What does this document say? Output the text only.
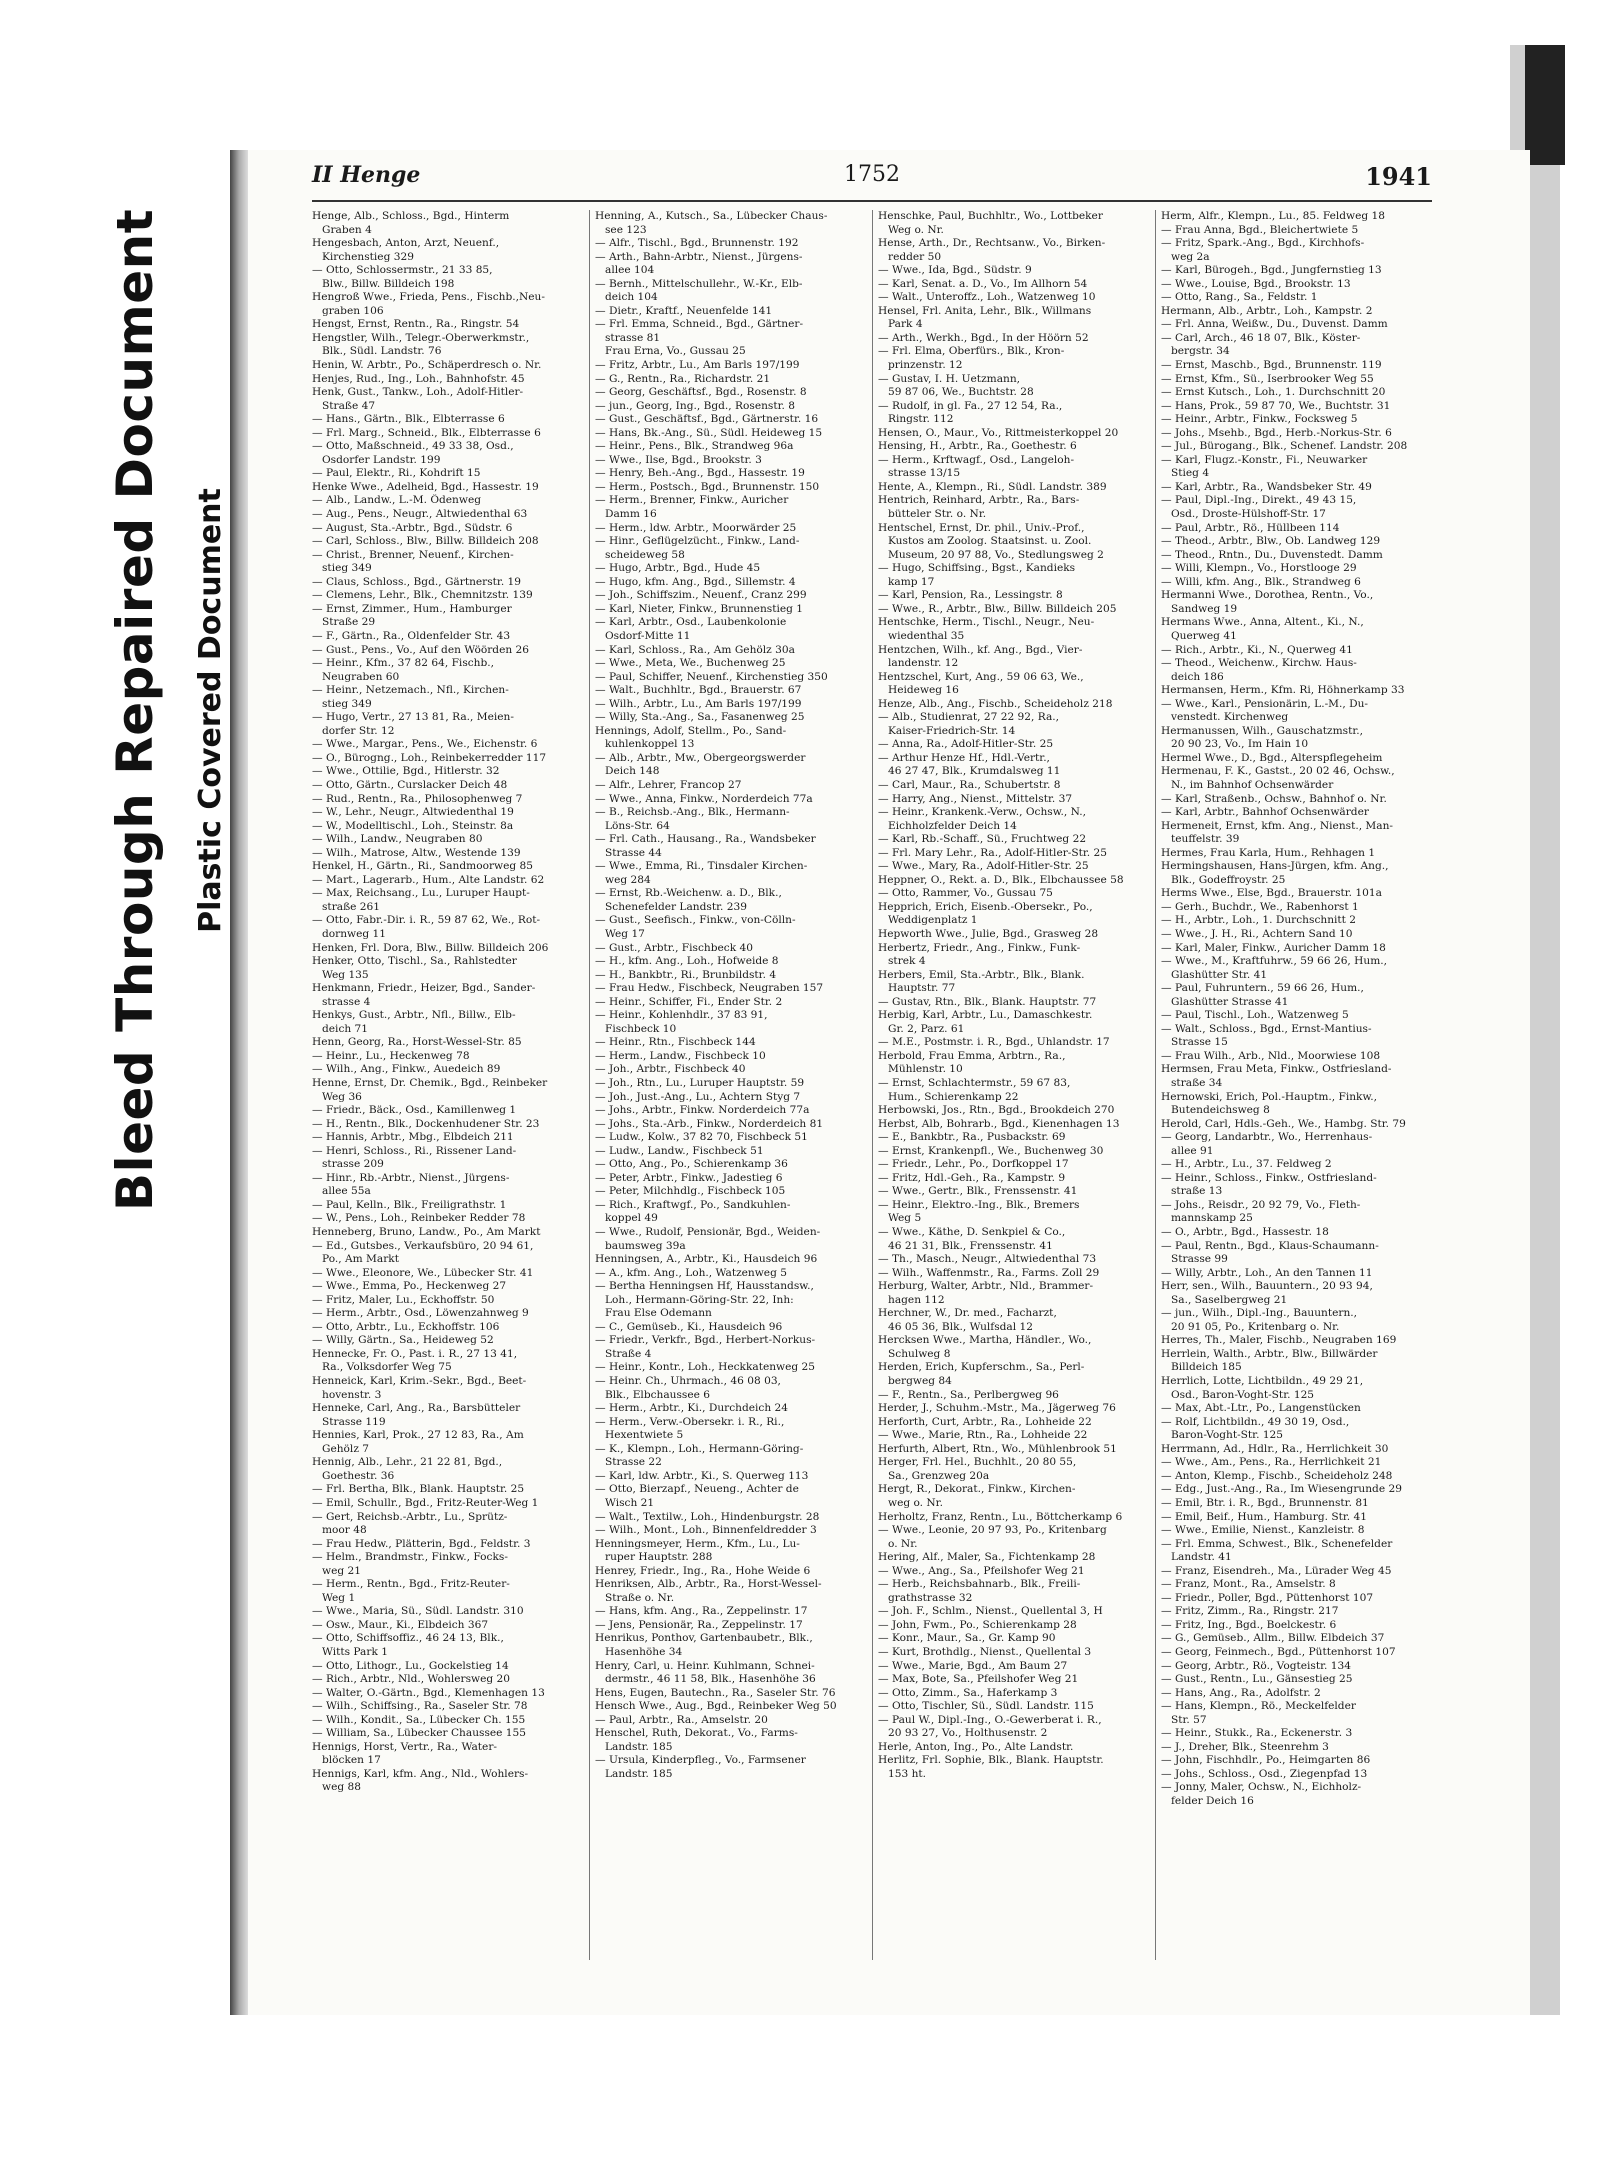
Bleed Through Repaired Document Plastic Covered Document
II Henge	1752	1941
Henge, Alb., Schloss., Bgd., Hinterm
Graben 4
Hengesbach, Anton, Arzt, Neuenf.,
Kirchenstieg 329
— Otto, Schlossermstr., 21 33 85,
Blw., Billw. Billdeich 198
Hengroß Wwe., Frieda, Pens., Fischb.,Neu-
graben 106
Hengst, Ernst, Rentn., Ra., Ringstr. 54
Hengstler, Wilh., Telegr.-Oberwerkmstr.,
Blk., Südl. Landstr. 76
Henin, W. Arbtr., Po., Schäperdresch o. Nr.
Henjes, Rud., Ing., Loh., Bahnhofstr. 45
Henk, Gust., Tankw., Loh., Adolf-Hitler-
Straße 47
— Hans., Gärtn., Blk., Elbterrasse 6
— Frl. Marg., Schneid., Blk., Elbterrasse 6
— Otto, Maßschneid., 49 33 38, Osd.,
Osdorfer Landstr. 199
— Paul, Elektr., Ri., Kohdrift 15
Henke Wwe., Adelheid, Bgd., Hassestr. 19
— Alb., Landw., L.-M. Ödenweg
— Aug., Pens., Neugr., Altwiedenthal 63
— August, Sta.-Arbtr., Bgd., Südstr. 6
— Carl, Schloss., Blw., Billw. Billdeich 208
— Christ., Brenner, Neuenf., Kirchen-
stieg 349
— Claus, Schloss., Bgd., Gärtnerstr. 19
— Clemens, Lehr., Blk., Chemnitzstr. 139
— Ernst, Zimmer., Hum., Hamburger
Straße 29
— F., Gärtn., Ra., Oldenfelder Str. 43
— Gust., Pens., Vo., Auf den Wöörden 26
— Heinr., Kfm., 37 82 64, Fischb.,
Neugraben 60
— Heinr., Netzemach., Nfl., Kirchen-
stieg 349
— Hugo, Vertr., 27 13 81, Ra., Meien-
dorfer Str. 12
— Wwe., Margar., Pens., We., Eichenstr. 6
— O., Bürogng., Loh., Reinbekerredder 117
— Wwe., Ottilie, Bgd., Hitlerstr. 32
— Otto, Gärtn., Curslacker Deich 48
— Rud., Rentn., Ra., Philosophenweg 7
— W., Lehr., Neugr., Altwiedenthal 19
— W., Modelltischl., Loh., Steinstr. 8a
— Wilh., Landw., Neugraben 80
— Wilh., Matrose, Altw., Westende 139
Henkel, H., Gärtn., Ri., Sandmoorweg 85
— Mart., Lagerarb., Hum., Alte Landstr. 62
— Max, Reichsang., Lu., Luruper Haupt-
straße 261
— Otto, Fabr.-Dir. i. R., 59 87 62, We., Rot-
dornweg 11
Henken, Frl. Dora, Blw., Billw. Billdeich 206
Henker, Otto, Tischl., Sa., Rahlstedter
Weg 135
Henkmann, Friedr., Heizer, Bgd., Sander-
strasse 4
Henkys, Gust., Arbtr., Nfl., Billw., Elb-
deich 71
Henn, Georg, Ra., Horst-Wessel-Str. 85
— Heinr., Lu., Heckenweg 78
— Wilh., Ang., Finkw., Auedeich 89
Henne, Ernst, Dr. Chemik., Bgd., Reinbeker
Weg 36
— Friedr., Bäck., Osd., Kamillenweg 1
— H., Rentn., Blk., Dockenhudener Str. 23
— Hannis, Arbtr., Mbg., Elbdeich 211
— Henri, Schloss., Ri., Rissener Land-
strasse 209
— Hinr., Rb.-Arbtr., Nienst., Jürgens-
allee 55a
— Paul, Kelln., Blk., Freiligrathstr. 1
— W., Pens., Loh., Reinbeker Redder 78
Henneberg, Bruno, Landw., Po., Am Markt
— Ed., Gutsbes., Verkaufsbüro, 20 94 61,
Po., Am Markt
— Wwe., Eleonore, We., Lübecker Str. 41
— Wwe., Emma, Po., Heckenweg 27
— Fritz, Maler, Lu., Eckhoffstr. 50
— Herm., Arbtr., Osd., Löwenzahnweg 9
— Otto, Arbtr., Lu., Eckhoffstr. 106
— Willy, Gärtn., Sa., Heideweg 52
Hennecke, Fr. O., Past. i. R., 27 13 41,
Ra., Volksdorfer Weg 75
Henneick, Karl, Krim.-Sekr., Bgd., Beet-
hovenstr. 3
Henneke, Carl, Ang., Ra., Barsbütteler
Strasse 119
Hennies, Karl, Prok., 27 12 83, Ra., Am
Gehölz 7
Hennig, Alb., Lehr., 21 22 81, Bgd.,
Goethestr. 36
— Frl. Bertha, Blk., Blank. Hauptstr. 25
— Emil, Schullr., Bgd., Fritz-Reuter-Weg 1
— Gert, Reichsb.-Arbtr., Lu., Sprütz-
moor 48
— Frau Hedw., Plätterin, Bgd., Feldstr. 3
— Helm., Brandmstr., Finkw., Focks-
weg 21
— Herm., Rentn., Bgd., Fritz-Reuter-
Weg 1
— Wwe., Maria, Sü., Südl. Landstr. 310
— Osw., Maur., Ki., Elbdeich 367
— Otto, Schiffsoffiz., 46 24 13, Blk.,
Witts Park 1
— Otto, Lithogr., Lu., Gockelstieg 14
— Rich., Arbtr., Nld., Wohlersweg 20
— Walter, O.-Gärtn., Bgd., Klemenhagen 13
— Wilh., Schiffsing., Ra., Saseler Str. 78
— Wilh., Kondit., Sa., Lübecker Ch. 155
— William, Sa., Lübecker Chaussee 155
Hennigs, Horst, Vertr., Ra., Water-
blöcken 17
Hennigs, Karl, kfm. Ang., Nld., Wohlers-
weg 88
Henning, A., Kutsch., Sa., Lübecker Chaus-
see 123
— Alfr., Tischl., Bgd., Brunnenstr. 192
— Arth., Bahn-Arbtr., Nienst., Jürgens-
allee 104
— Bernh., Mittelschullehr., W.-Kr., Elb-
deich 104
— Dietr., Kraftf., Neuenfelde 141
— Frl. Emma, Schneid., Bgd., Gärtner-
strasse 81
Frau Erna, Vo., Gussau 25
— Fritz, Arbtr., Lu., Am Barls 197/199
— G., Rentn., Ra., Richardstr. 21
— Georg, Geschäftsf., Bgd., Rosenstr. 8
— jun., Georg, Ing., Bgd., Rosenstr. 8
— Gust., Geschäftsf., Bgd., Gärtnerstr. 16
— Hans, Bk.-Ang., Sü., Südl. Heideweg 15
— Heinr., Pens., Blk., Strandweg 96a
— Wwe., Ilse, Bgd., Brookstr. 3
— Henry, Beh.-Ang., Bgd., Hassestr. 19
— Herm., Postsch., Bgd., Brunnenstr. 150
— Herm., Brenner, Finkw., Auricher
Damm 16
— Herm., ldw. Arbtr., Moorwärder 25
— Hinr., Geflügelzücht., Finkw., Land-
scheideweg 58
— Hugo, Arbtr., Bgd., Hude 45
— Hugo, kfm. Ang., Bgd., Sillemstr. 4
— Joh., Schiffszim., Neuenf., Cranz 299
— Karl, Nieter, Finkw., Brunnenstieg 1
— Karl, Arbtr., Osd., Laubenkolonie
Osdorf-Mitte 11
— Karl, Schloss., Ra., Am Gehölz 30a
— Wwe., Meta, We., Buchenweg 25
— Paul, Schiffer, Neuenf., Kirchenstieg 350
— Walt., Buchhltr., Bgd., Brauerstr. 67
— Wilh., Arbtr., Lu., Am Barls 197/199
— Willy, Sta.-Ang., Sa., Fasanenweg 25
Hennings, Adolf, Stellm., Po., Sand-
kuhlenkoppel 13
— Alb., Arbtr., Mw., Obergeorgswerder
Deich 148
— Alfr., Lehrer, Francop 27
— Wwe., Anna, Finkw., Norderdeich 77a
— B., Reichsb.-Ang., Blk., Hermann-
Löns-Str. 64
— Frl. Cath., Hausang., Ra., Wandsbeker
Strasse 44
— Wwe., Emma, Ri., Tinsdaler Kirchen-
weg 284
— Ernst, Rb.-Weichenw. a. D., Blk.,
Schenefelder Landstr. 239
— Gust., Seefisch., Finkw., von-Cölln-
Weg 17
— Gust., Arbtr., Fischbeck 40
— H., kfm. Ang., Loh., Hofweide 8
— H., Bankbtr., Ri., Brunbildstr. 4
— Frau Hedw., Fischbeck, Neugraben 157
— Heinr., Schiffer, Fi., Ender Str. 2
— Heinr., Kohlenhdlr., 37 83 91,
Fischbeck 10
— Heinr., Rtn., Fischbeck 144
— Herm., Landw., Fischbeck 10
— Joh., Arbtr., Fischbeck 40
— Joh., Rtn., Lu., Luruper Hauptstr. 59
— Joh., Just.-Ang., Lu., Achtern Styg 7
— Johs., Arbtr., Finkw. Norderdeich 77a
— Johs., Sta.-Arb., Finkw., Norderdeich 81
— Ludw., Kolw., 37 82 70, Fischbeck 51
— Ludw., Landw., Fischbeck 51
— Otto, Ang., Po., Schierenkamp 36
— Peter, Arbtr., Finkw., Jadestieg 6
— Peter, Milchhdlg., Fischbeck 105
— Rich., Kraftwgf., Po., Sandkuhlen-
koppel 49
— Wwe., Rudolf, Pensionär, Bgd., Weiden-
baumsweg 39a
Henningsen, A., Arbtr., Ki., Hausdeich 96
— A., kfm. Ang., Loh., Watzenweg 5
— Bertha Henningsen Hf, Hausstandsw.,
Loh., Hermann-Göring-Str. 22, Inh:
Frau Else Odemann
— C., Gemüseb., Ki., Hausdeich 96
— Friedr., Verkfr., Bgd., Herbert-Norkus-
Straße 4
— Heinr., Kontr., Loh., Heckkatenweg 25
— Heinr. Ch., Uhrmach., 46 08 03,
Blk., Elbchaussee 6
— Herm., Arbtr., Ki., Durchdeich 24
— Herm., Verw.-Obersekr. i. R., Ri.,
Hexentwiete 5
— K., Klempn., Loh., Hermann-Göring-
Strasse 22
— Karl, ldw. Arbtr., Ki., S. Querweg 113
— Otto, Bierzapf., Neueng., Achter de
Wisch 21
— Walt., Textilw., Loh., Hindenburgstr. 28
— Wilh., Mont., Loh., Binnenfeldredder 3
Henningsmeyer, Herm., Kfm., Lu., Lu-
ruper Hauptstr. 288
Henrey, Friedr., Ing., Ra., Hohe Weide 6
Henriksen, Alb., Arbtr., Ra., Horst-Wessel-
Straße o. Nr.
— Hans, kfm. Ang., Ra., Zeppelinstr. 17
— Jens, Pensionär, Ra., Zeppelinstr. 17
Henrikus, Ponthov, Gartenbaubetr., Blk.,
Hasenhöhe 34
Henry, Carl, u. Heinr. Kuhlmann, Schnei-
dermstr., 46 11 58, Blk., Hasenhöhe 36
Hens, Eugen, Bautechn., Ra., Saseler Str. 76
Hensch Wwe., Aug., Bgd., Reinbeker Weg 50
— Paul, Arbtr., Ra., Amselstr. 20
Henschel, Ruth, Dekorat., Vo., Farms-
Landstr. 185
— Ursula, Kinderpfleg., Vo., Farmsener
Landstr. 185
Henschke, Paul, Buchhltr., Wo., Lottbeker
Weg o. Nr.
Hense, Arth., Dr., Rechtsanw., Vo., Birken-
redder 50
— Wwe., Ida, Bgd., Südstr. 9
— Karl, Senat. a. D., Vo., Im Allhorn 54
— Walt., Unteroffz., Loh., Watzenweg 10
Hensel, Frl. Anita, Lehr., Blk., Willmans
Park 4
— Arth., Werkh., Bgd., In der Höörn 52
— Frl. Elma, Oberfürs., Blk., Kron-
prinzenstr. 12
— Gustav, I. H. Uetzmann,
59 87 06, We., Buchtstr. 28
— Rudolf, in gl. Fa., 27 12 54, Ra.,
Ringstr. 112
Hensen, O., Maur., Vo., Rittmeisterkoppel 20
Hensing, H., Arbtr., Ra., Goethestr. 6
— Herm., Krftwagf., Osd., Langeloh-
strasse 13/15
Hente, A., Klempn., Ri., Südl. Landstr. 389
Hentrich, Reinhard, Arbtr., Ra., Bars-
bütteler Str. o. Nr.
Hentschel, Ernst, Dr. phil., Univ.-Prof.,
Kustos am Zoolog. Staatsinst. u. Zool.
Museum, 20 97 88, Vo., Stedlungsweg 2
— Hugo, Schiffsing., Bgst., Kandieks
kamp 17
— Karl, Pension, Ra., Lessingstr. 8
— Wwe., R., Arbtr., Blw., Billw. Billdeich 205
Hentschke, Herm., Tischl., Neugr., Neu-
wiedenthal 35
Hentzchen, Wilh., kf. Ang., Bgd., Vier-
landenstr. 12
Hentzschel, Kurt, Ang., 59 06 63, We.,
Heideweg 16
Henze, Alb., Ang., Fischb., Scheideholz 218
— Alb., Studienrat, 27 22 92, Ra.,
Kaiser-Friedrich-Str. 14
— Anna, Ra., Adolf-Hitler-Str. 25
— Arthur Henze Hf., Hdl.-Vertr.,
46 27 47, Blk., Krumdalsweg 11
— Carl, Maur., Ra., Schubertstr. 8
— Harry, Ang., Nienst., Mittelstr. 37
— Heinr., Krankenk.-Verw., Ochsw., N.,
Eichholzfelder Deich 14
— Karl, Rb.-Schaff., Sü., Fruchtweg 22
— Frl. Mary Lehr., Ra., Adolf-Hitler-Str. 25
— Wwe., Mary, Ra., Adolf-Hitler-Str. 25
Heppner, O., Rekt. a. D., Blk., Elbchaussee 58
— Otto, Rammer, Vo., Gussau 75
Hepprich, Erich, Eisenb.-Obersekr., Po.,
Weddigenplatz 1
Hepworth Wwe., Julie, Bgd., Grasweg 28
Herbertz, Friedr., Ang., Finkw., Funk-
strek 4
Herbers, Emil, Sta.-Arbtr., Blk., Blank.
Hauptstr. 77
— Gustav, Rtn., Blk., Blank. Hauptstr. 77
Herbig, Karl, Arbtr., Lu., Damaschkestr.
Gr. 2, Parz. 61
— M.E., Postmstr. i. R., Bgd., Uhlandstr. 17
Herbold, Frau Emma, Arbtrn., Ra.,
Mühlenstr. 10
— Ernst, Schlachtermstr., 59 67 83,
Hum., Schierenkamp 22
Herbowski, Jos., Rtn., Bgd., Brookdeich 270
Herbst, Alb, Bohrarb., Bgd., Kienenhagen 13
— E., Bankbtr., Ra., Pusbackstr. 69
— Ernst, Krankenpfl., We., Buchenweg 30
— Friedr., Lehr., Po., Dorfkoppel 17
— Fritz, Hdl.-Geh., Ra., Kampstr. 9
— Wwe., Gertr., Blk., Frenssenstr. 41
— Heinr., Elektro.-Ing., Blk., Bremers
Weg 5
— Wwe., Käthe, D. Senkpiel & Co.,
46 21 31, Blk., Frenssenstr. 41
— Th., Masch., Neugr., Altwiedenthal 73
— Wilh., Waffenmstr., Ra., Farms. Zoll 29
Herburg, Walter, Arbtr., Nld., Brammer-
hagen 112
Herchner, W., Dr. med., Facharzt,
46 05 36, Blk., Wulfsdal 12
Hercksen Wwe., Martha, Händler., Wo.,
Schulweg 8
Herden, Erich, Kupferschm., Sa., Perl-
bergweg 84
— F., Rentn., Sa., Perlbergweg 96
Herder, J., Schuhm.-Mstr., Ma., Jägerweg 76
Herforth, Curt, Arbtr., Ra., Lohheide 22
— Wwe., Marie, Rtn., Ra., Lohheide 22
Herfurth, Albert, Rtn., Wo., Mühlenbrook 51
Herger, Frl. Hel., Buchhlt., 20 80 55,
Sa., Grenzweg 20a
Hergt, R., Dekorat., Finkw., Kirchen-
weg o. Nr.
Herholtz, Franz, Rentn., Lu., Böttcherkamp 6
— Wwe., Leonie, 20 97 93, Po., Kritenbarg
o. Nr.
Hering, Alf., Maler, Sa., Fichtenkamp 28
— Wwe., Ang., Sa., Pfeilshofer Weg 21
— Herb., Reichsbahnarb., Blk., Freili-
grathstrasse 32
— Joh. F., Schlm., Nienst., Quellental 3, H
— John, Fwm., Po., Schierenkamp 28
— Konr., Maur., Sa., Gr. Kamp 90
— Kurt, Brothdlg., Nienst., Quellental 3
— Wwe., Marie, Bgd., Am Baum 27
— Max, Bote, Sa., Pfeilshofer Weg 21
— Otto, Zimm., Sa., Haferkamp 3
— Otto, Tischler, Sü., Südl. Landstr. 115
— Paul W., Dipl.-Ing., O.-Gewerberat i. R.,
20 93 27, Vo., Holthusenstr. 2
Herle, Anton, Ing., Po., Alte Landstr.
Herlitz, Frl. Sophie, Blk., Blank. Hauptstr.
153 ht.
Herm, Alfr., Klempn., Lu., 85. Feldweg 18
— Frau Anna, Bgd., Bleichertwiete 5
— Fritz, Spark.-Ang., Bgd., Kirchhofs-
weg 2a
— Karl, Bürogeh., Bgd., Jungfernstieg 13
— Wwe., Louise, Bgd., Brookstr. 13
— Otto, Rang., Sa., Feldstr. 1
Hermann, Alb., Arbtr., Loh., Kampstr. 2
— Frl. Anna, Weißw., Du., Duvenst. Damm
— Carl, Arch., 46 18 07, Blk., Köster-
bergstr. 34
— Ernst, Maschb., Bgd., Brunnenstr. 119
— Ernst, Kfm., Sü., Iserbrooker Weg 55
— Ernst Kutsch., Loh., 1. Durchschnitt 20
— Hans, Prok., 59 87 70, We., Buchtstr. 31
— Heinr., Arbtr., Finkw., Focksweg 5
— Johs., Msehb., Bgd., Herb.-Norkus-Str. 6
— Jul., Bürogang., Blk., Schenef. Landstr. 208
— Karl, Flugz.-Konstr., Fi., Neuwarker
Stieg 4
— Karl, Arbtr., Ra., Wandsbeker Str. 49
— Paul, Dipl.-Ing., Direkt., 49 43 15,
Osd., Droste-Hülshoff-Str. 17
— Paul, Arbtr., Rö., Hüllbeen 114
— Theod., Arbtr., Blw., Ob. Landweg 129
— Theod., Rntn., Du., Duvenstedt. Damm
— Willi, Klempn., Vo., Horstlooge 29
— Willi, kfm. Ang., Blk., Strandweg 6
Hermanni Wwe., Dorothea, Rentn., Vo.,
Sandweg 19
Hermans Wwe., Anna, Altent., Ki., N.,
Querweg 41
— Rich., Arbtr., Ki., N., Querweg 41
— Theod., Weichenw., Kirchw. Haus-
deich 186
Hermansen, Herm., Kfm. Ri, Höhnerkamp 33
— Wwe., Karl., Pensionärin, L.-M., Du-
venstedt. Kirchenweg
Hermanussen, Wilh., Gauschatzmstr.,
20 90 23, Vo., Im Hain 10
Hermel Wwe., D., Bgd., Alterspflegeheim
Hermenau, F. K., Gastst., 20 02 46, Ochsw.,
N., im Bahnhof Ochsenwärder
— Karl, Straßenb., Ochsw., Bahnhof o. Nr.
— Karl, Arbtr., Bahnhof Ochsenwärder
Hermeneit, Ernst, kfm. Ang., Nienst., Man-
teuffelstr. 39
Hermes, Frau Karla, Hum., Rehhagen 1
Hermingshausen, Hans-Jürgen, kfm. Ang.,
Blk., Godeffroystr. 25
Herms Wwe., Else, Bgd., Brauerstr. 101a
— Gerh., Buchdr., We., Rabenhorst 1
— H., Arbtr., Loh., 1. Durchschnitt 2
— Wwe., J. H., Ri., Achtern Sand 10
— Karl, Maler, Finkw., Auricher Damm 18
— Wwe., M., Kraftfuhrw., 59 66 26, Hum.,
Glashütter Str. 41
— Paul, Fuhruntern., 59 66 26, Hum.,
Glashütter Strasse 41
— Paul, Tischl., Loh., Watzenweg 5
— Walt., Schloss., Bgd., Ernst-Mantius-
Strasse 15
— Frau Wilh., Arb., Nld., Moorwiese 108
Hermsen, Frau Meta, Finkw., Ostfriesland-
straße 34
Hernowski, Erich, Pol.-Hauptm., Finkw.,
Butendeichsweg 8
Herold, Carl, Hdls.-Geh., We., Hambg. Str. 79
— Georg, Landarbtr., Wo., Herrenhaus-
allee 91
— H., Arbtr., Lu., 37. Feldweg 2
— Heinr., Schloss., Finkw., Ostfriesland-
straße 13
— Johs., Reisdr., 20 92 79, Vo., Fleth-
mannskamp 25
— O., Arbtr., Bgd., Hassestr. 18
— Paul, Rentn., Bgd., Klaus-Schaumann-
Strasse 99
— Willy, Arbtr., Loh., An den Tannen 11
Herr, sen., Wilh., Bauuntern., 20 93 94,
Sa., Saselbergweg 21
— jun., Wilh., Dipl.-Ing., Bauuntern.,
20 91 05, Po., Kritenbarg o. Nr.
Herres, Th., Maler, Fischb., Neugraben 169
Herrlein, Walth., Arbtr., Blw., Billwärder
Billdeich 185
Herrlich, Lotte, Lichtbildn., 49 29 21,
Osd., Baron-Voght-Str. 125
— Max, Abt.-Ltr., Po., Langenstücken
— Rolf, Lichtbildn., 49 30 19, Osd.,
Baron-Voght-Str. 125
Herrmann, Ad., Hdlr., Ra., Herrlichkeit 30
— Wwe., Am., Pens., Ra., Herrlichkeit 21
— Anton, Klemp., Fischb., Scheideholz 248
— Edg., Just.-Ang., Ra., Im Wiesengrunde 29
— Emil, Btr. i. R., Bgd., Brunnenstr. 81
— Emil, Beif., Hum., Hamburg. Str. 41
— Wwe., Emilie, Nienst., Kanzleistr. 8
— Frl. Emma, Schwest., Blk., Schenefelder
Landstr. 41
— Franz, Eisendreh., Ma., Lürader Weg 45
— Franz, Mont., Ra., Amselstr. 8
— Friedr., Poller, Bgd., Püttenhorst 107
— Fritz, Zimm., Ra., Ringstr. 217
— Fritz, Ing., Bgd., Boelckestr. 6
— G., Gemüseb., Allm., Billw. Elbdeich 37
— Georg, Feinmech., Bgd., Püttenhorst 107
— Georg, Arbtr., Rö., Vogteistr. 134
— Gust., Rentn., Lu., Gänsestieg 25
— Hans, Ang., Ra., Adolfstr. 2
— Hans, Klempn., Rö., Meckelfelder
Str. 57
— Heinr., Stukk., Ra., Eckenerstr. 3
— J., Dreher, Blk., Steenrehm 3
— John, Fischhdlr., Po., Heimgarten 86
— Johs., Schloss., Osd., Ziegenpfad 13
— Jonny, Maler, Ochsw., N., Eichholz-
felder Deich 16
